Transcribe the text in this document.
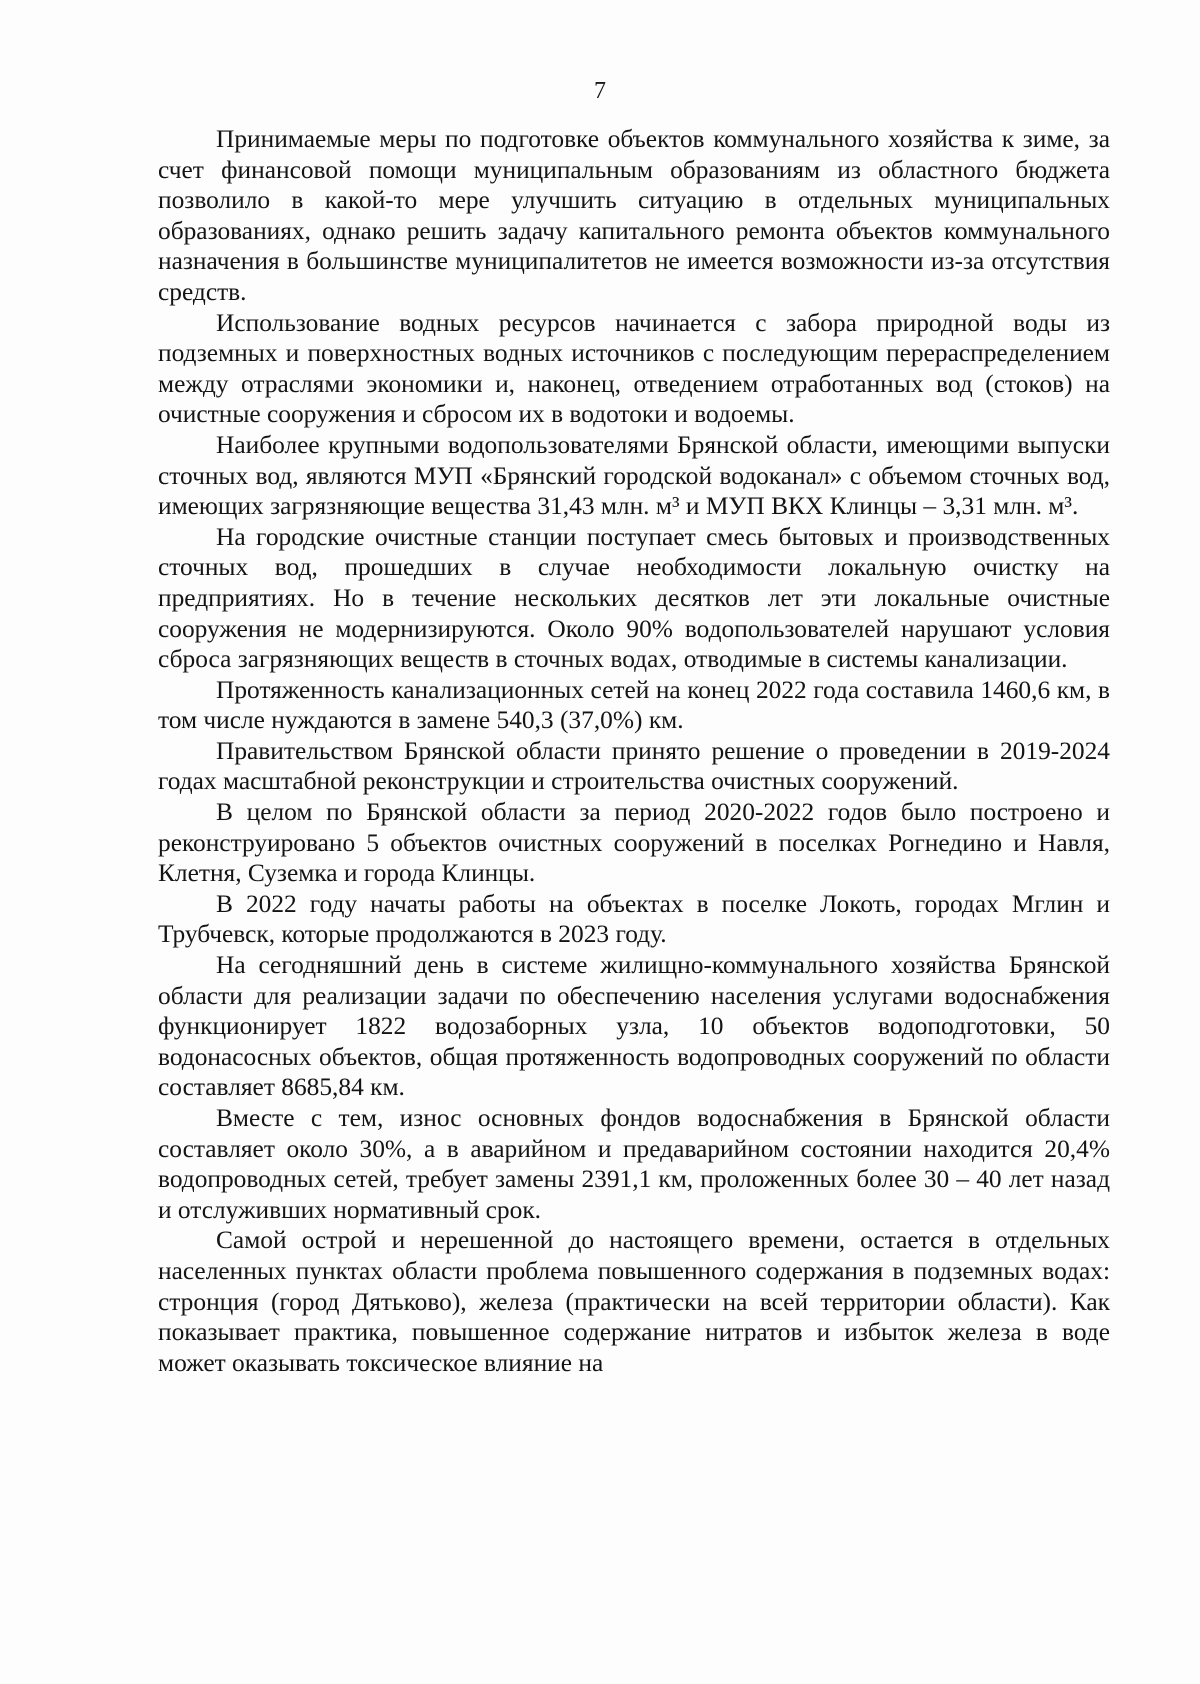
7

Принимаемые меры по подготовке объектов коммунального хозяйства к зиме, за счет финансовой помощи муниципальным образованиям из областного бюджета позволило в какой-то мере улучшить ситуацию в отдельных муниципальных образованиях, однако решить задачу капитального ремонта объектов коммунального назначения в большинстве муниципалитетов не имеется возможности из-за отсутствия средств.

Использование водных ресурсов начинается с забора природной воды из подземных и поверхностных водных источников с последующим перераспределением между отраслями экономики и, наконец, отведением отработанных вод (стоков) на очистные сооружения и сбросом их в водотоки и водоемы.

Наиболее крупными водопользователями Брянской области, имеющими выпуски сточных вод, являются МУП «Брянский городской водоканал» с объемом сточных вод, имеющих загрязняющие вещества 31,43 млн. м³ и МУП ВКХ Клинцы – 3,31 млн. м³.

На городские очистные станции поступает смесь бытовых и производственных сточных вод, прошедших в случае необходимости локальную очистку на предприятиях. Но в течение нескольких десятков лет эти локальные очистные сооружения не модернизируются. Около 90% водопользователей нарушают условия сброса загрязняющих веществ в сточных водах, отводимые в системы канализации.

Протяженность канализационных сетей на конец 2022 года составила 1460,6 км, в том числе нуждаются в замене 540,3 (37,0%) км.

Правительством Брянской области принято решение о проведении в 2019-2024 годах масштабной реконструкции и строительства очистных сооружений.

В целом по Брянской области за период 2020-2022 годов было построено и реконструировано 5 объектов очистных сооружений в поселках Рогнедино и Навля, Клетня, Суземка и города Клинцы.

В 2022 году начаты работы на объектах в поселке Локоть, городах Мглин и Трубчевск, которые продолжаются в 2023 году.

На сегодняшний день в системе жилищно-коммунального хозяйства Брянской области для реализации задачи по обеспечению населения услугами водоснабжения функционирует 1822 водозаборных узла, 10 объектов водоподготовки, 50 водонасосных объектов, общая протяженность водопроводных сооружений по области составляет 8685,84 км.

Вместе с тем, износ основных фондов водоснабжения в Брянской области составляет около 30%, а в аварийном и предаварийном состоянии находится 20,4% водопроводных сетей, требует замены 2391,1 км, проложенных более 30 – 40 лет назад и отслуживших нормативный срок.

Самой острой и нерешенной до настоящего времени, остается в отдельных населенных пунктах области проблема повышенного содержания в подземных водах: стронция (город Дятьково), железа (практически на всей территории области). Как показывает практика, повышенное содержание нитратов и избыток железа в воде может оказывать токсическое влияние на
